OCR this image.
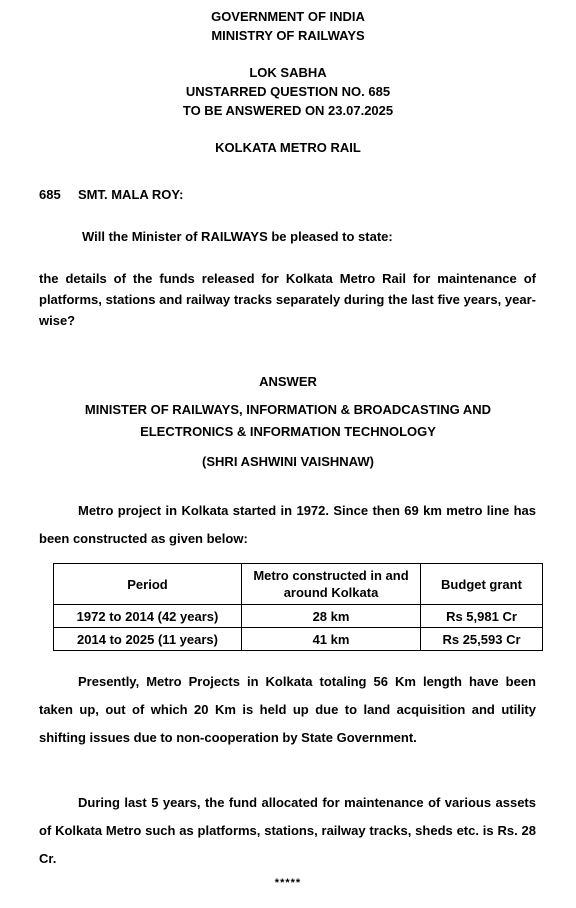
GOVERNMENT OF INDIA
MINISTRY OF RAILWAYS
LOK SABHA
UNSTARRED QUESTION NO. 685
TO BE ANSWERED ON 23.07.2025
KOLKATA METRO RAIL
685 SMT. MALA ROY:
Will the Minister of RAILWAYS be pleased to state:
the details of the funds released for Kolkata Metro Rail for maintenance of platforms, stations and railway tracks separately during the last five years, year-wise?
ANSWER
MINISTER OF RAILWAYS, INFORMATION & BROADCASTING AND
ELECTRONICS & INFORMATION TECHNOLOGY
(SHRI ASHWINI VAISHNAW)
Metro project in Kolkata started in 1972. Since then 69 km metro line has been constructed as given below:
Period	Metro constructed in and around Kolkata	Budget grant
1972 to 2014 (42 years)	28 km	Rs 5,981 Cr
2014 to 2025 (11 years)	41 km	Rs 25,593 Cr
Presently, Metro Projects in Kolkata totaling 56 Km length have been taken up, out of which 20 Km is held up due to land acquisition and utility shifting issues due to non-cooperation by State Government.
During last 5 years, the fund allocated for maintenance of various assets of Kolkata Metro such as platforms, stations, railway tracks, sheds etc. is Rs. 28 Cr.
*****
